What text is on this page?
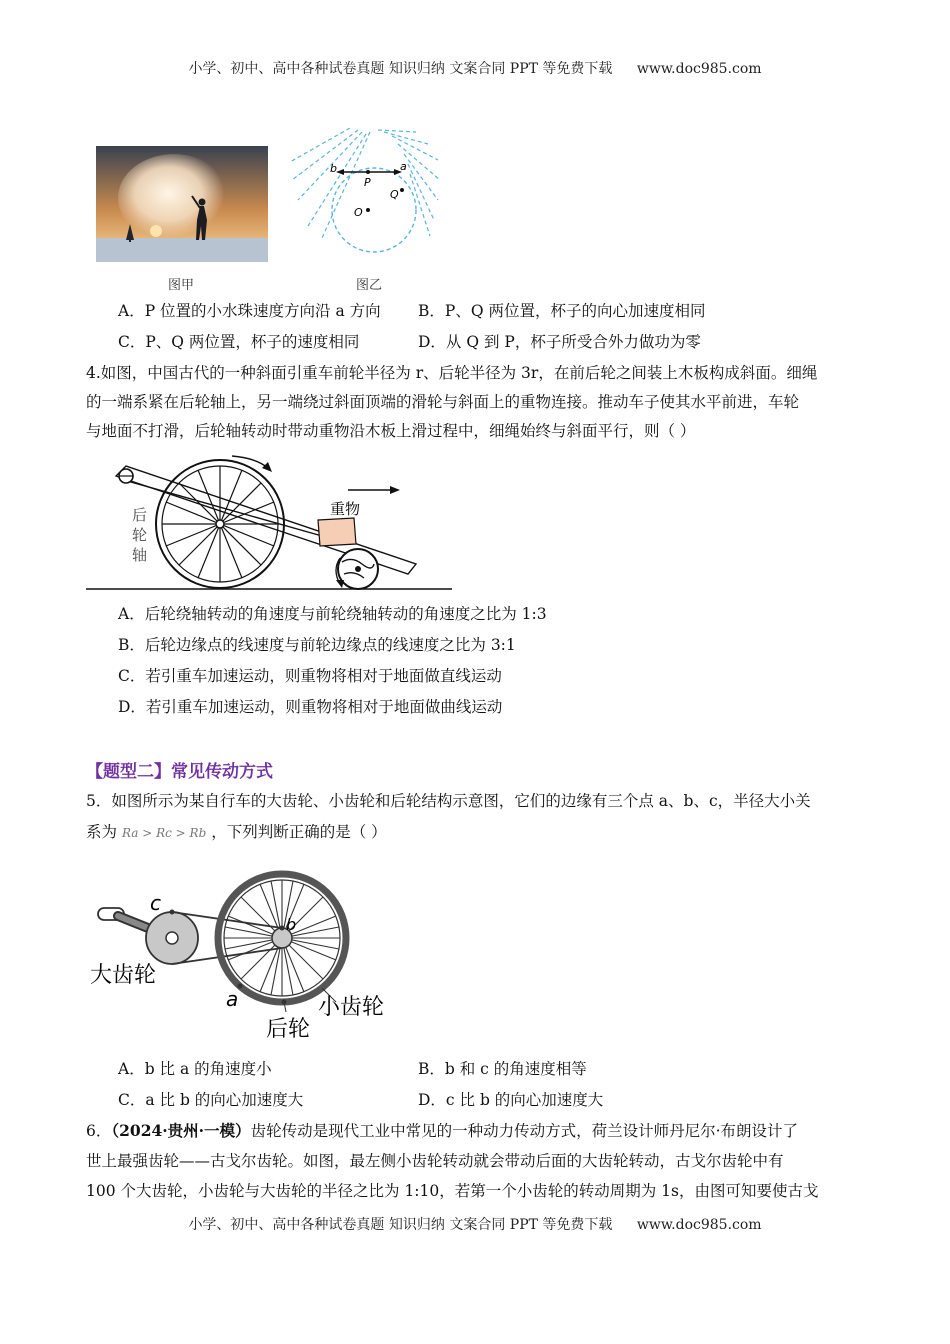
小学、初中、高中各种试卷真题 知识归纳 文案合同 PPT 等免费下载 www.doc985.com
图甲
b	a
P
Q
O
图乙
A．P 位置的小水珠速度方向沿 a 方向 B．P、Q 两位置，杯子的向心加速度相同
C．P、Q 两位置，杯子的速度相同	D．从 Q 到 P，杯子所受合外力做功为零
4.如图，中国古代的一种斜面引重车前轮半径为 r、后轮半径为 3r，在前后轮之间装上木板构成斜面。细绳
的一端系紧在后轮轴上，另一端绕过斜面顶端的滑轮与斜面上的重物连接。推动车子使其水平前进，车轮
与地面不打滑，后轮轴转动时带动重物沿木板上滑过程中，细绳始终与斜面平行，则（ ）
重物
后
轮
轴
A．后轮绕轴转动的角速度与前轮绕轴转动的角速度之比为 1:3
B．后轮边缘点的线速度与前轮边缘点的线速度之比为 3:1
C．若引重车加速运动，则重物将相对于地面做直线运动
D．若引重车加速运动，则重物将相对于地面做曲线运动
【题型二】常见传动方式
5．如图所示为某自行车的大齿轮、小齿轮和后轮结构示意图，它们的边缘有三个点 a、b、c，半径大小关
系为 Ra > Rc > Rb ，下列判断正确的是（ ）
c
b
a
大齿轮
后轮
小齿轮
A．b 比 a 的角速度小	B．b 和 c 的角速度相等
C．a 比 b 的向心加速度大	D．c 比 b 的向心加速度大
6．（2024·贵州·一模）齿轮传动是现代工业中常见的一种动力传动方式，荷兰设计师丹尼尔·布朗设计了
世上最强齿轮——古戈尔齿轮。如图，最左侧小齿轮转动就会带动后面的大齿轮转动，古戈尔齿轮中有
100 个大齿轮，小齿轮与大齿轮的半径之比为 1:10，若第一个小齿轮的转动周期为 1s，由图可知要使古戈
小学、初中、高中各种试卷真题 知识归纳 文案合同 PPT 等免费下载 www.doc985.com
